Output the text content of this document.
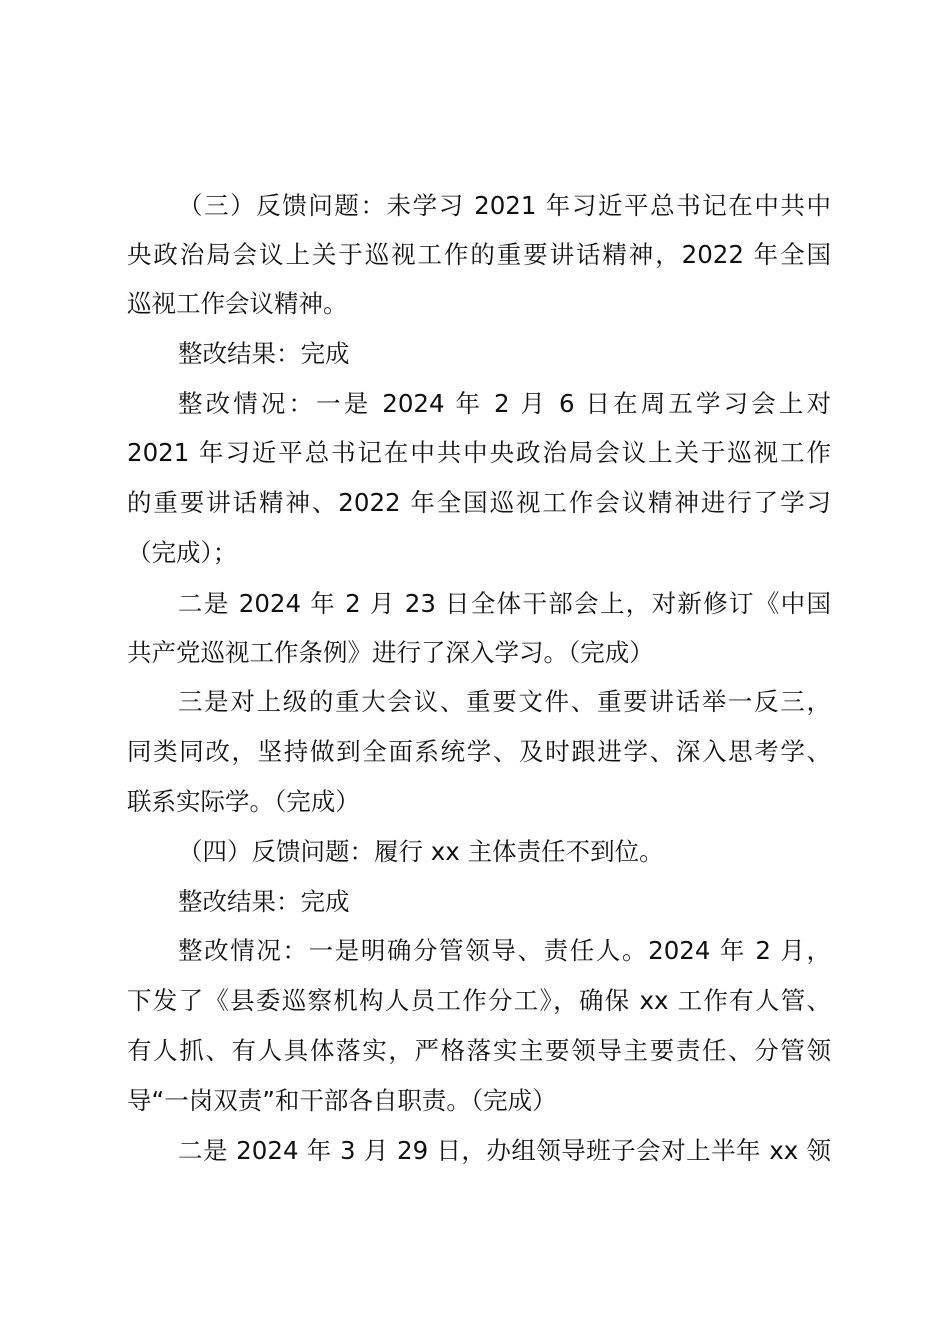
（三）反馈问题：未学习 2021 年习近平总书记在中共中
央政治局会议上关于巡视工作的重要讲话精神，2022 年全国
巡视工作会议精神。
整改结果：完成
整改情况：一是 2024 年 2 月 6 日在周五学习会上对
2021 年习近平总书记在中共中央政治局会议上关于巡视工作
的重要讲话精神、2022 年全国巡视工作会议精神进行了学习
（完成）；
二是 2024 年 2 月 23 日全体干部会上，对新修订《中国
共产党巡视工作条例》进行了深入学习。（完成）
三是对上级的重大会议、重要文件、重要讲话举一反三，
同类同改，坚持做到全面系统学、及时跟进学、深入思考学、
联系实际学。（完成）
（四）反馈问题：履行 xx 主体责任不到位。
整改结果：完成
整改情况：一是明确分管领导、责任人。2024 年 2 月，
下发了《县委巡察机构人员工作分工》，确保 xx 工作有人管、
有人抓、有人具体落实，严格落实主要领导主要责任、分管领
导“一岗双责”和干部各自职责。（完成）
二是 2024 年 3 月 29 日，办组领导班子会对上半年 xx 领
